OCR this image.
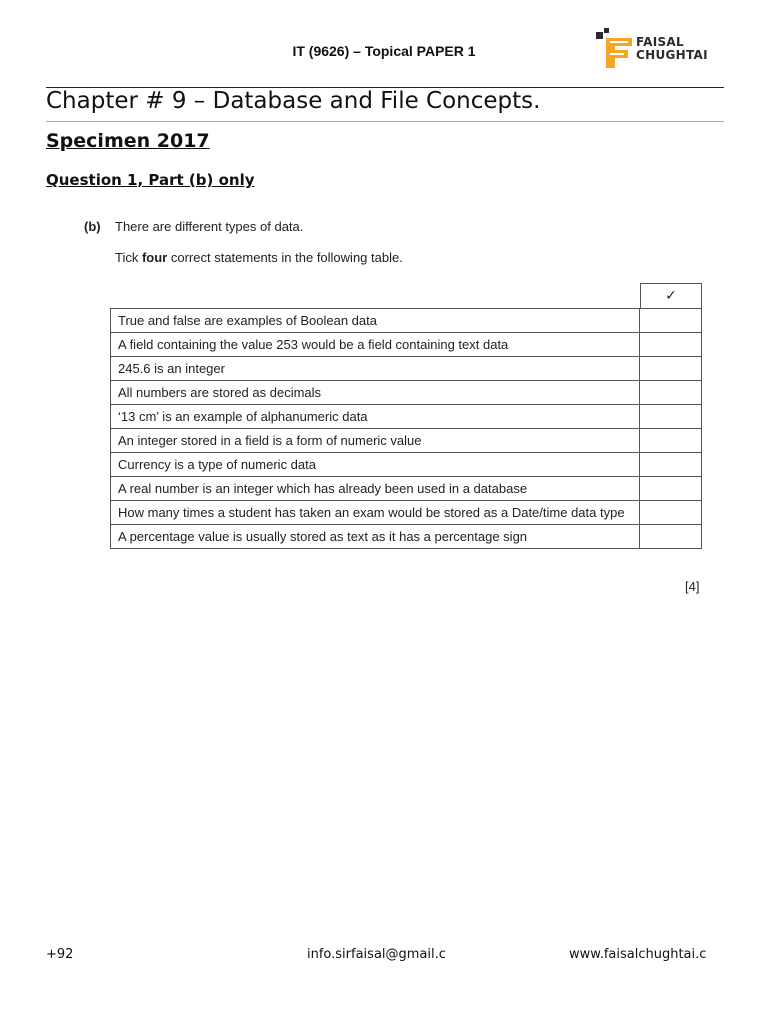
IT (9626) – Topical PAPER 1
FAISAL
CHUGHTAI
Chapter # 9 – Database and File Concepts.
Specimen 2017
Question 1, Part (b) only
(b) There are different types of data.
Tick four correct statements in the following table.
✓
True and false are examples of Boolean data	
A field containing the value 253 would be a field containing text data	
245.6 is an integer	
All numbers are stored as decimals	
‘13 cm’ is an example of alphanumeric data	
An integer stored in a field is a form of numeric value	
Currency is a type of numeric data	
A real number is an integer which has already been used in a database	
How many times a student has taken an exam would be stored as a Date/time data type	
A percentage value is usually stored as text as it has a percentage sign	
[4]
+92	info.sirfaisal@gmail.c	www.faisalchughtai.c
